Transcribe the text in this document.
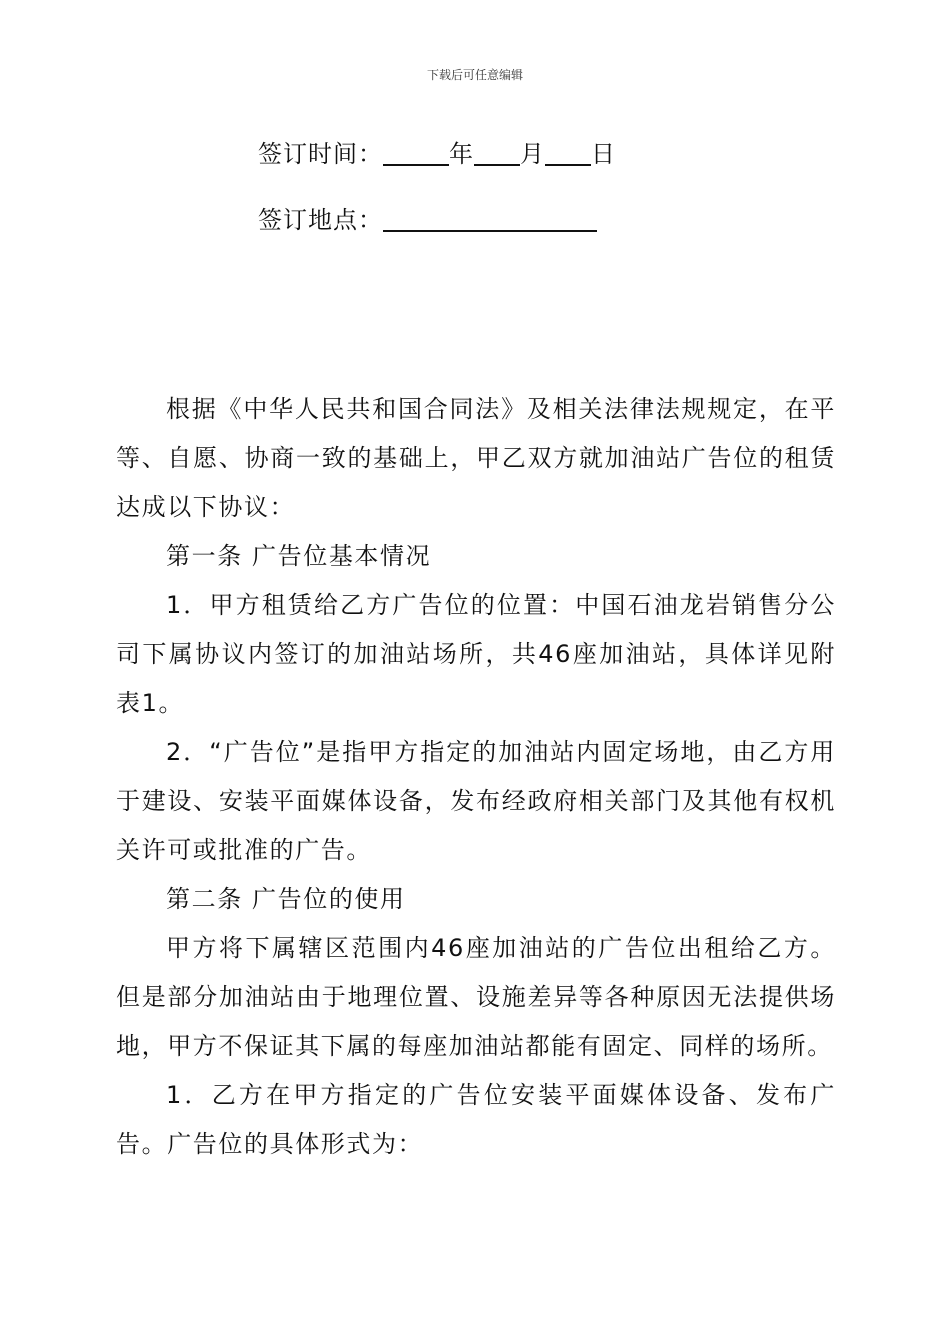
下载后可任意编辑
签订时间：	年 月 日
签订地点：

根据《中华人民共和国合同法》及相关法律法规规定，在平等、自愿、协商一致的基础上，甲乙双方就加油站广告位的租赁达成以下协议：

第一条 广告位基本情况

1．甲方租赁给乙方广告位的位置：中国石油龙岩销售分公司下属协议内签订的加油站场所，共46座加油站，具体详见附表1。

2．“广告位”是指甲方指定的加油站内固定场地，由乙方用于建设、安装平面媒体设备，发布经政府相关部门及其他有权机关许可或批准的广告。

第二条 广告位的使用

甲方将下属辖区范围内46座加油站的广告位出租给乙方。但是部分加油站由于地理位置、设施差异等各种原因无法提供场地，甲方不保证其下属的每座加油站都能有固定、同样的场所。

1．乙方在甲方指定的广告位安装平面媒体设备、发布广告。广告位的具体形式为：
